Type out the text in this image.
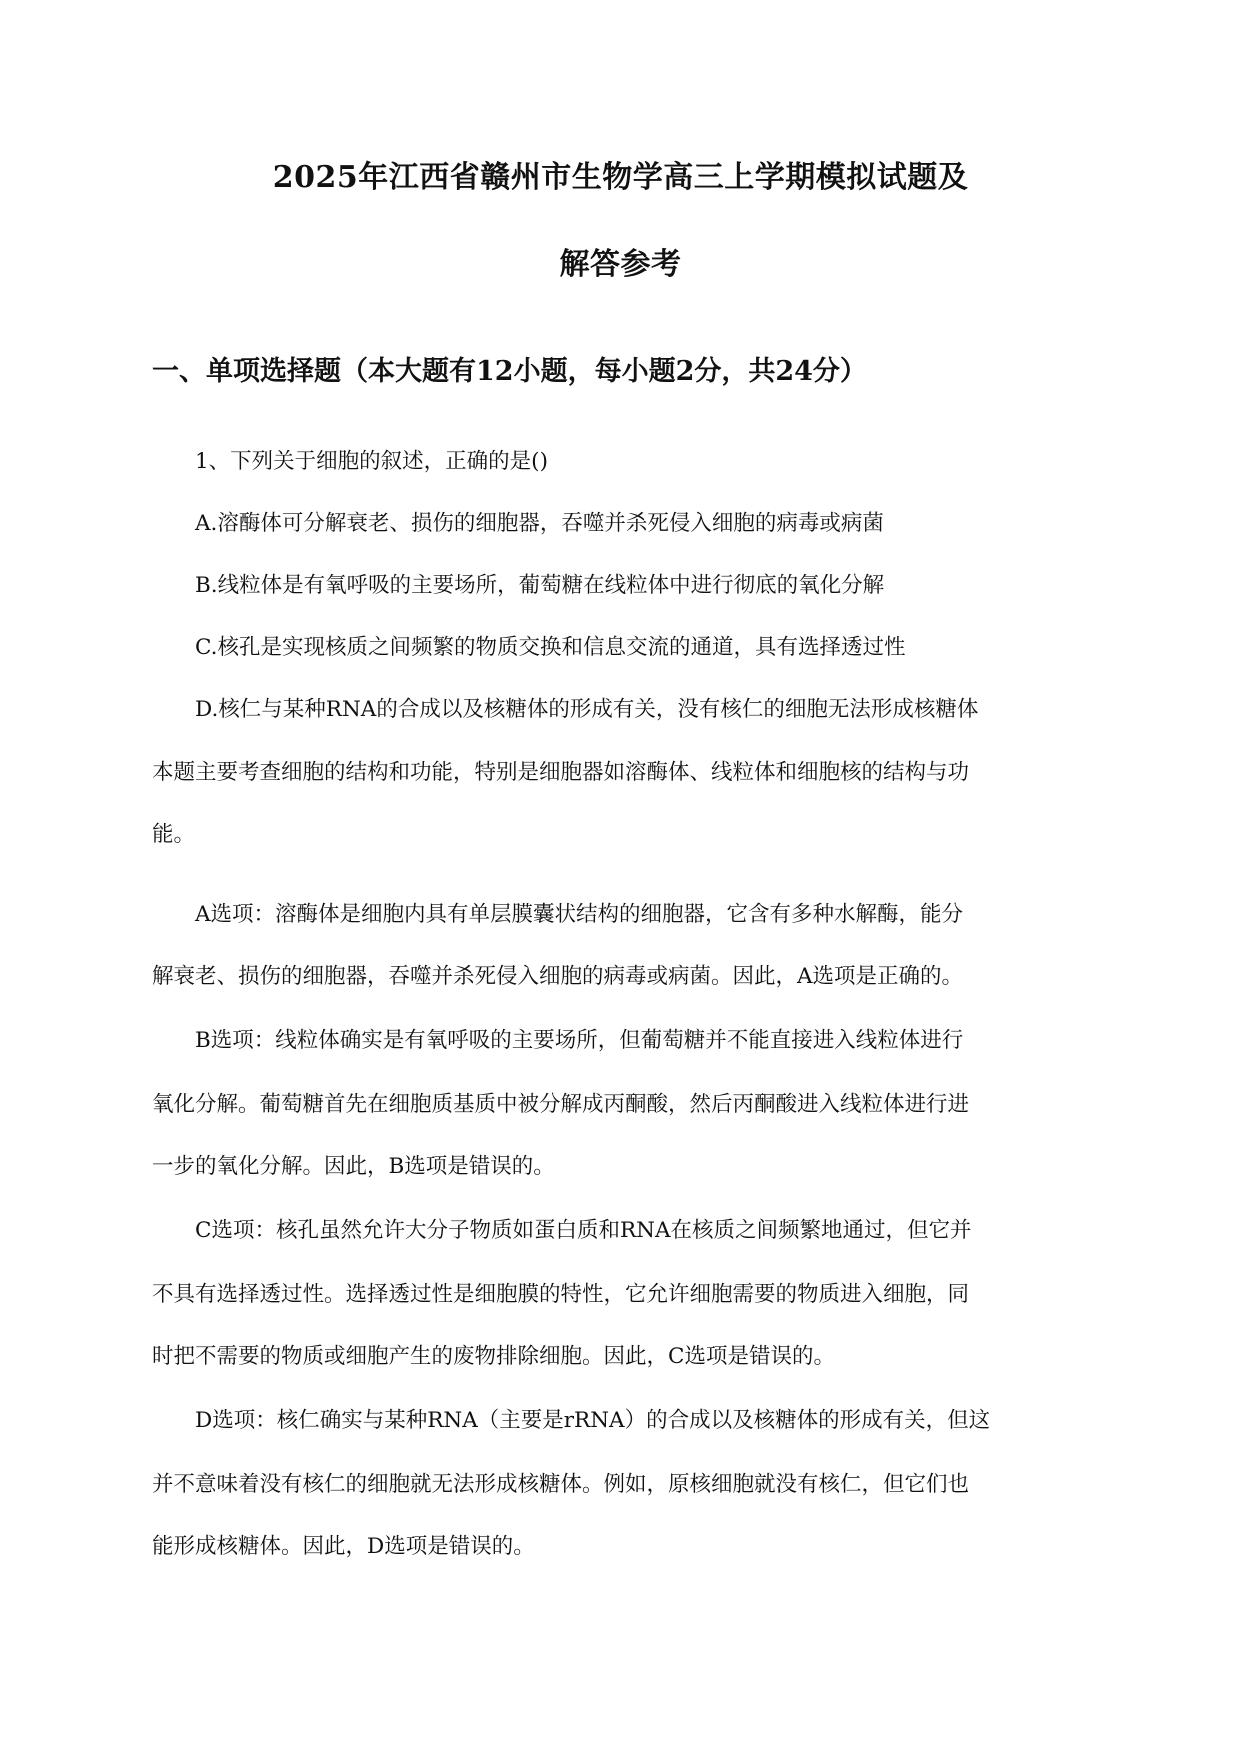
2025年江西省赣州市生物学高三上学期模拟试题及
解答参考
一、单项选择题（本大题有12小题，每小题2分，共24分）
1、下列关于细胞的叙述，正确的是()
A.溶酶体可分解衰老、损伤的细胞器，吞噬并杀死侵入细胞的病毒或病菌
B.线粒体是有氧呼吸的主要场所，葡萄糖在线粒体中进行彻底的氧化分解
C.核孔是实现核质之间频繁的物质交换和信息交流的通道，具有选择透过性
D.核仁与某种RNA的合成以及核糖体的形成有关，没有核仁的细胞无法形成核糖体
本题主要考查细胞的结构和功能，特别是细胞器如溶酶体、线粒体和细胞核的结构与功
能。
A选项：溶酶体是细胞内具有单层膜囊状结构的细胞器，它含有多种水解酶，能分
解衰老、损伤的细胞器，吞噬并杀死侵入细胞的病毒或病菌。因此，A选项是正确的。
B选项：线粒体确实是有氧呼吸的主要场所，但葡萄糖并不能直接进入线粒体进行
氧化分解。葡萄糖首先在细胞质基质中被分解成丙酮酸，然后丙酮酸进入线粒体进行进
一步的氧化分解。因此，B选项是错误的。
C选项：核孔虽然允许大分子物质如蛋白质和RNA在核质之间频繁地通过，但它并
不具有选择透过性。选择透过性是细胞膜的特性，它允许细胞需要的物质进入细胞，同
时把不需要的物质或细胞产生的废物排除细胞。因此，C选项是错误的。
D选项：核仁确实与某种RNA（主要是rRNA）的合成以及核糖体的形成有关，但这
并不意味着没有核仁的细胞就无法形成核糖体。例如，原核细胞就没有核仁，但它们也
能形成核糖体。因此，D选项是错误的。
